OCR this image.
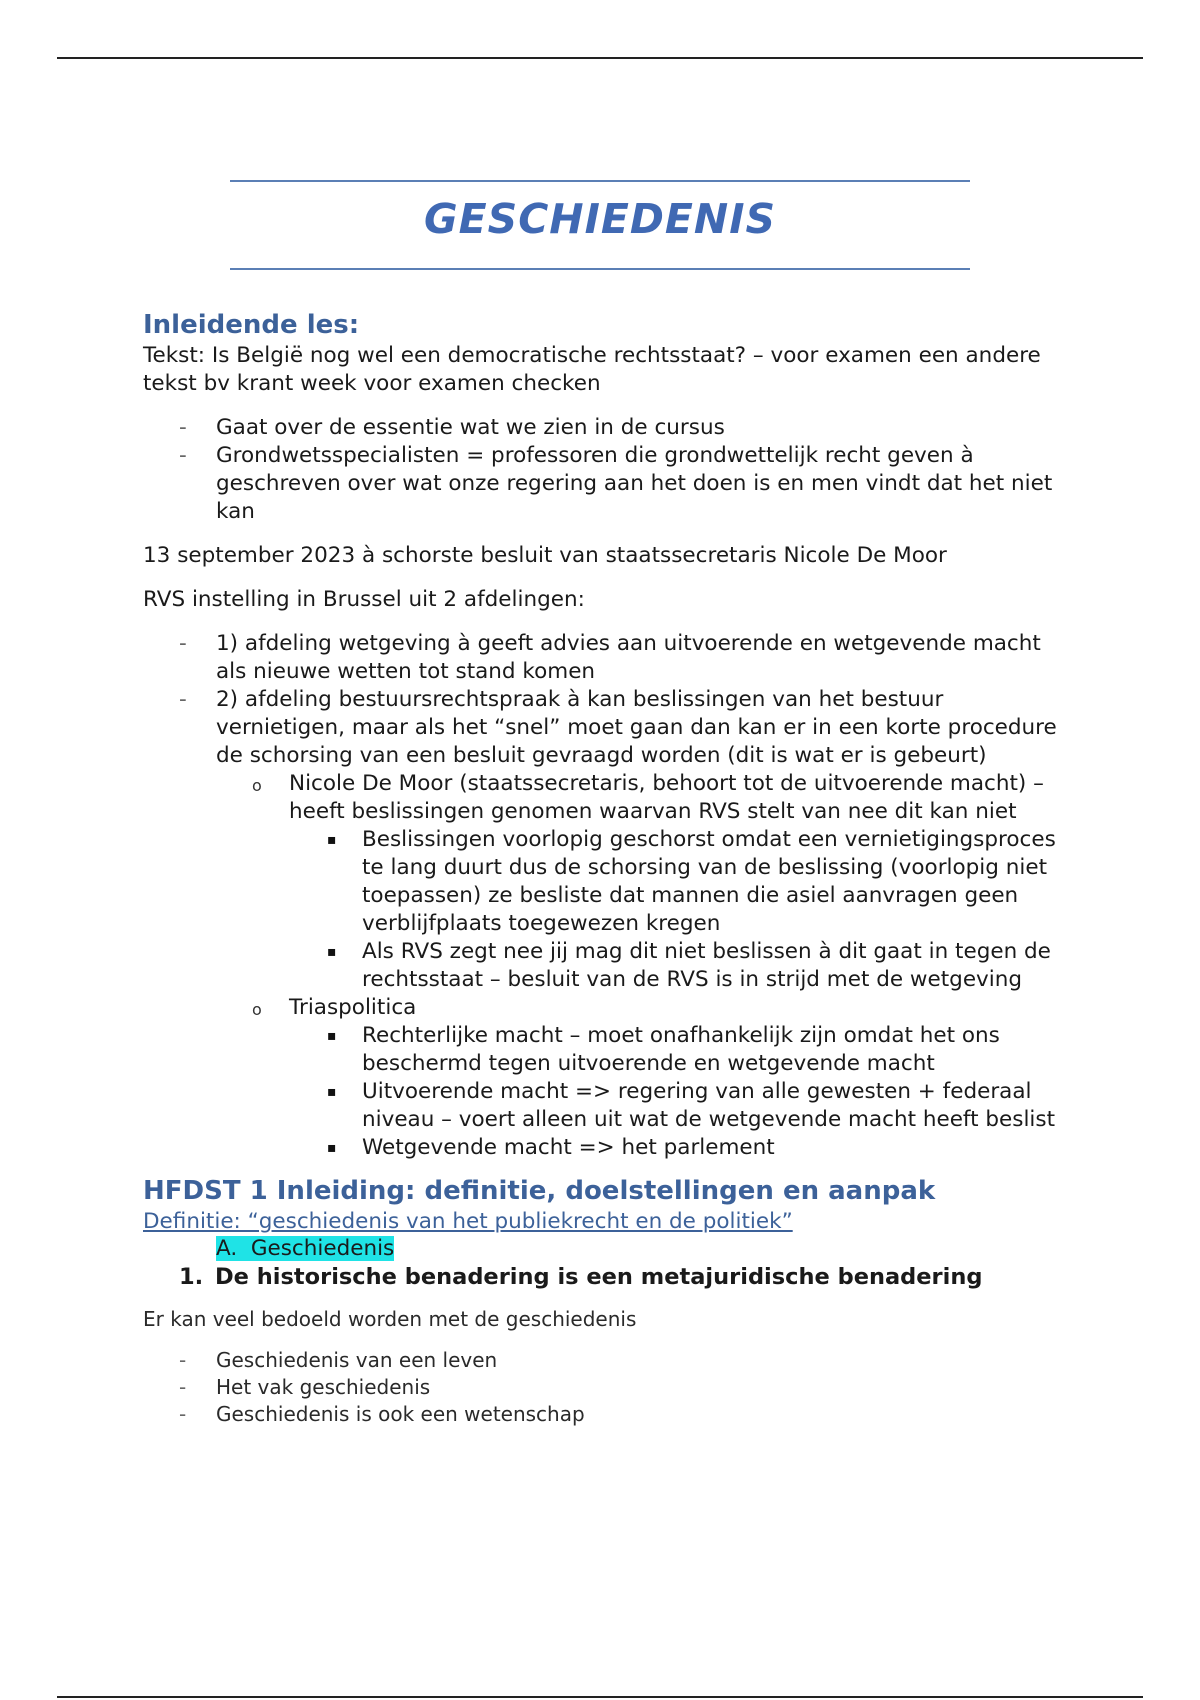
GESCHIEDENIS
Inleidende les:

Tekst: Is België nog wel een democratische rechtsstaat? – voor examen een andere tekst bv krant week voor examen checken

- Gaat over de essentie wat we zien in de cursus
- Grondwetsspecialisten = professoren die grondwettelijk recht geven à geschreven over wat onze regering aan het doen is en men vindt dat het niet kan

13 september 2023 à schorste besluit van staatssecretaris Nicole De Moor

RVS instelling in Brussel uit 2 afdelingen:

- 1) afdeling wetgeving à geeft advies aan uitvoerende en wetgevende macht als nieuwe wetten tot stand komen
- 2) afdeling bestuursrechtspraak à kan beslissingen van het bestuur vernietigen, maar als het “snel” moet gaan dan kan er in een korte procedure de schorsing van een besluit gevraagd worden (dit is wat er is gebeurt)
o Nicole De Moor (staatssecretaris, behoort tot de uitvoerende macht) – heeft beslissingen genomen waarvan RVS stelt van nee dit kan niet
▪ Beslissingen voorlopig geschorst omdat een vernietigingsproces te lang duurt dus de schorsing van de beslissing (voorlopig niet toepassen) ze besliste dat mannen die asiel aanvragen geen verblijfplaats toegewezen kregen
▪ Als RVS zegt nee jij mag dit niet beslissen à dit gaat in tegen de rechtsstaat – besluit van de RVS is in strijd met de wetgeving
o Triaspolitica
▪ Rechterlijke macht – moet onafhankelijk zijn omdat het ons beschermd tegen uitvoerende en wetgevende macht
▪ Uitvoerende macht => regering van alle gewesten + federaal niveau – voert alleen uit wat de wetgevende macht heeft beslist
▪ Wetgevende macht => het parlement
HFDST 1 Inleiding: definitie, doelstellingen en aanpak

Definitie: “geschiedenis van het publiekrecht en de politiek”

A. Geschiedenis
1. De historische benadering is een metajuridische benadering

Er kan veel bedoeld worden met de geschiedenis

- Geschiedenis van een leven
- Het vak geschiedenis
- Geschiedenis is ook een wetenschap
